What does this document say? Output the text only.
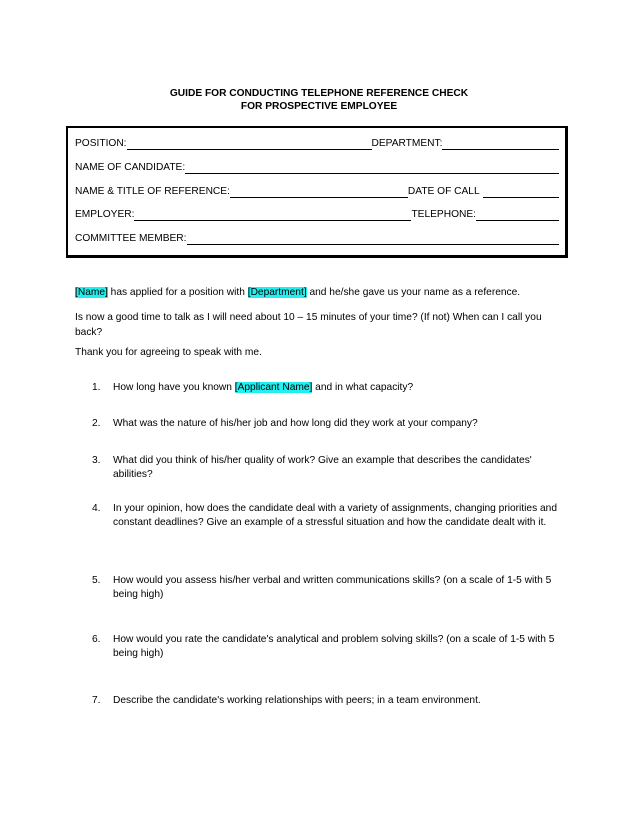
GUIDE FOR CONDUCTING TELEPHONE REFERENCE CHECK
FOR PROSPECTIVE EMPLOYEE
POSITION:	DEPARTMENT:
NAME OF CANDIDATE:
NAME & TITLE OF REFERENCE:	DATE OF CALL
EMPLOYER:	TELEPHONE:
COMMITTEE MEMBER:
[Name] has applied for a position with [Department] and he/she gave us your name as a reference.
Is now a good time to talk as I will need about 10 – 15 minutes of your time? (If not) When can I call you back?
Thank you for agreeing to speak with me.
1.	How long have you known [Applicant Name] and in what capacity?
2.	What was the nature of his/her job and how long did they work at your company?
3.	What did you think of his/her quality of work? Give an example that describes the candidates' abilities?
4.	In your opinion, how does the candidate deal with a variety of assignments, changing priorities and constant deadlines? Give an example of a stressful situation and how the candidate dealt with it.
5.	How would you assess his/her verbal and written communications skills? (on a scale of 1-5 with 5 being high)
6.	How would you rate the candidate's analytical and problem solving skills? (on a scale of 1-5 with 5 being high)
7.	Describe the candidate's working relationships with peers; in a team environment.
